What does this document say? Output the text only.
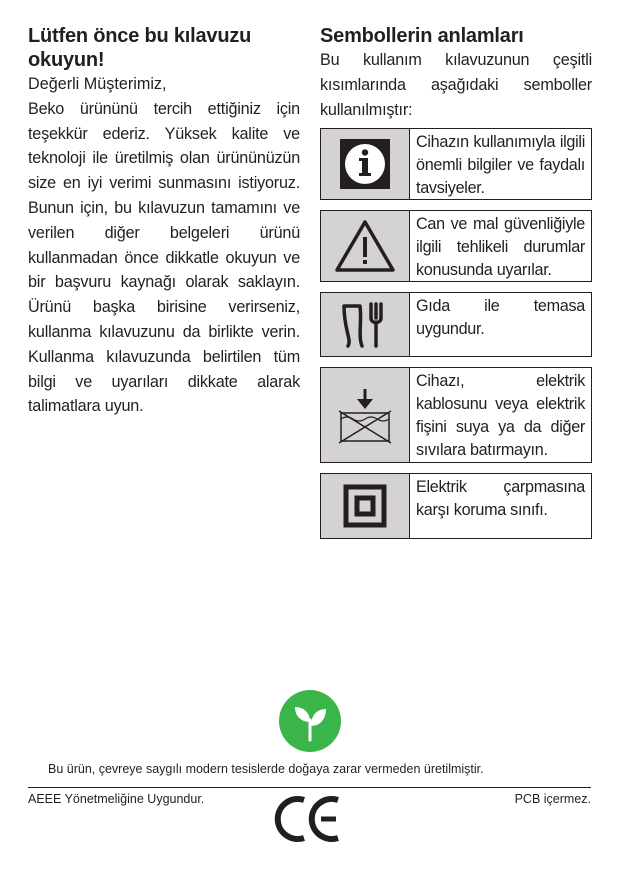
Lütfen önce bu kılavuzu
okuyun!

Değerli Müşterimiz,

Beko ürününü tercih ettiğiniz için teşekkür ederiz. Yüksek kalite ve teknoloji ile üretilmiş olan ürününüzün size en iyi verimi sunmasını istiyoruz. Bunun için, bu kılavuzun tamamını ve verilen diğer belgeleri ürünü kullanmadan önce dikkatle okuyun ve bir başvuru kaynağı olarak saklayın. Ürünü başka birisine verirseniz, kullanma kılavuzunu da birlikte verin. Kullanma kılavuzunda belirtilen tüm bilgi ve uyarıları dikkate alarak talimatlara uyun.

Sembollerin anlamları

Bu kullanım kılavuzunun çeşitli kısımlarında aşağıdaki semboller kullanılmıştır:

Cihazın kullanımıyla ilgili önemli bilgiler ve faydalı tavsiyeler.
Can ve mal güvenliğiyle ilgili tehlikeli durumlar konusunda uyarılar.
Gıda ile temasa uygundur.
Cihazı, elektrik kablosunu veya elektrik fişini suya ya da diğer sıvılara batırmayın.
Elektrik çarpmasına karşı koruma sınıfı.
Bu ürün, çevreye saygılı modern tesislerde doğaya zarar vermeden üretilmiştir.
AEEE Yönetmeliğine Uygundur.	PCB içermez.
